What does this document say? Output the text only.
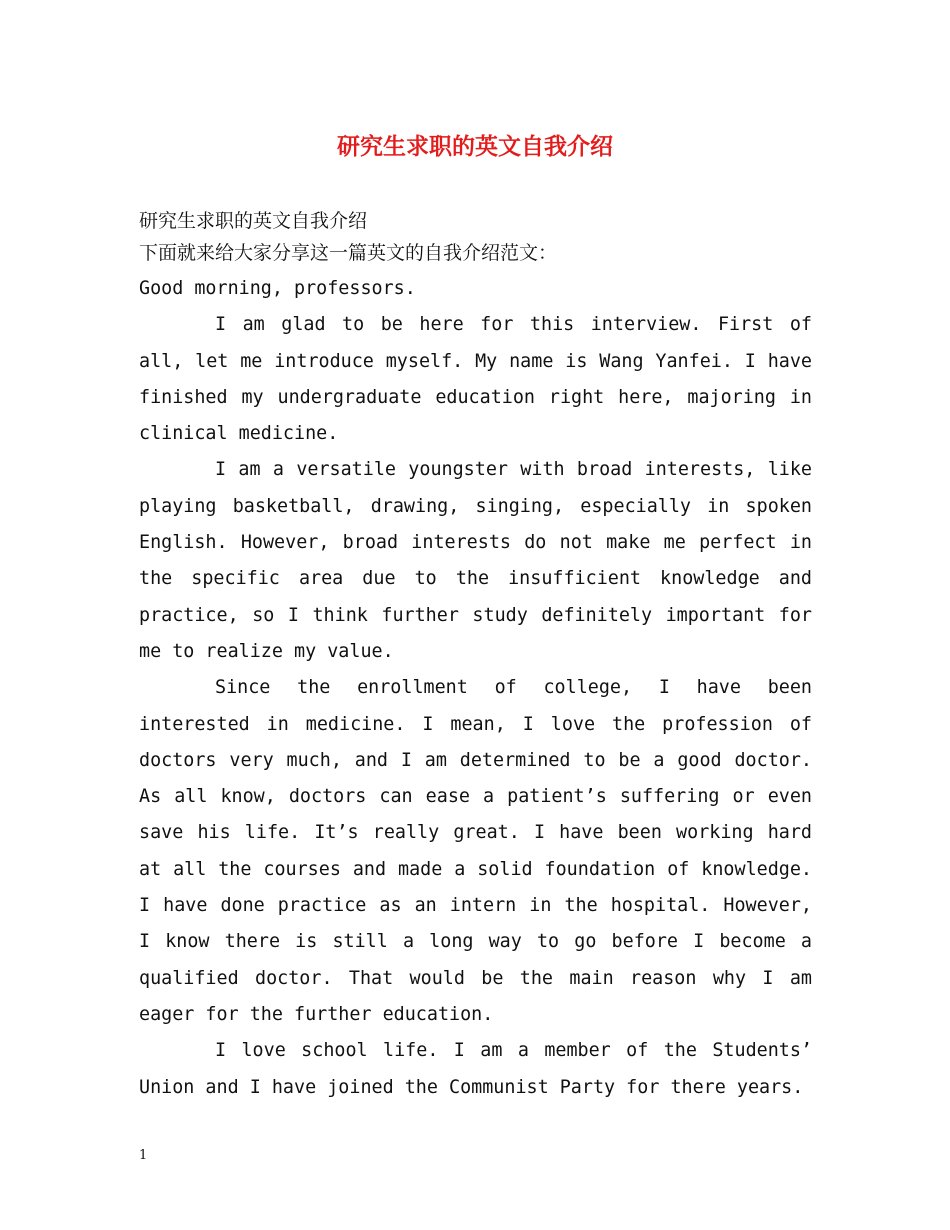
研究生求职的英文自我介绍

研究生求职的英文自我介绍

下面就来给大家分享这一篇英文的自我介绍范文：

Good morning, professors.

I am glad to be here for this interview. First of all, let me introduce myself. My name is Wang Yanfei. I have finished my undergraduate education right here, majoring in clinical medicine.

I am a versatile youngster with broad interests, like playing basketball, drawing, singing, especially in spoken English. However, broad interests do not make me perfect in the specific area due to the insufficient knowledge and practice, so I think further study definitely important for me to realize my value.

Since the enrollment of college, I have been interested in medicine. I mean, I love the profession of doctors very much, and I am determined to be a good doctor. As all know, doctors can ease a patient’s suffering or even save his life. It’s really great. I have been working hard at all the courses and made a solid foundation of knowledge. I have done practice as an intern in the hospital. However, I know there is still a long way to go before I become a qualified doctor. That would be the main reason why I am eager for the further education.

I love school life. I am a member of the Students’ Union and I have joined the Communist Party for there years.

1
